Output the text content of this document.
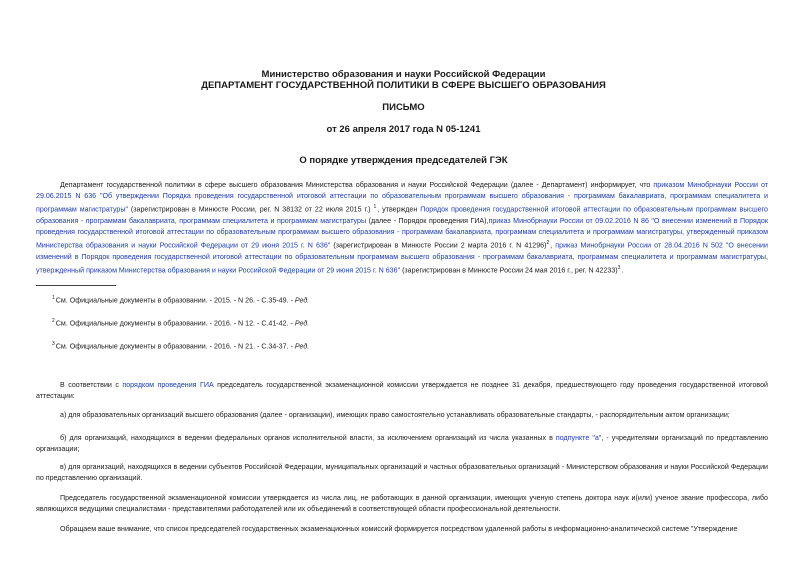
Министерство образования и науки Российской Федерации
ДЕПАРТАМЕНТ ГОСУДАРСТВЕННОЙ ПОЛИТИКИ В СФЕРЕ ВЫСШЕГО ОБРАЗОВАНИЯ
ПИСЬМО
от 26 апреля 2017 года N 05-1241
О порядке утверждения председателей ГЭК

Департамент государственной политики в сфере высшего образования Министерства образования и науки Российской Федерации (далее - Департамент) информирует, что приказом Минобрнауки России от 29.06.2015 N 636 "Об утверждении Порядка проведения государственной итоговой аттестации по образовательным программам высшего образования - программам бакалавриата, программам специалитета и программам магистратуры" (зарегистрирован в Минюсте России, рег. N 38132 от 22 июля 2015 г.) $^1$, утвержден Порядок проведения государственной итоговой аттестации по образовательным программам высшего образования - программам бакалавриата, программам специалитета и программам магистратуры (далее - Порядок проведения ГИА),приказ Минобрнауки России от 09.02.2016 N 86 "О внесении изменений в Порядок проведения государственной итоговой аттестации по образовательным программам высшего образования - программам бакалавриата, программам специалитета и программам магистратуры, утвержденный приказом Министерства образования и науки Российской Федерации от 29 июня 2015 г. N 636" (зарегистрирован в Минюсте России 2 марта 2016 г. N 41296)$^2$, приказ Минобрнауки России от 28.04.2016 N 502 "О внесении изменений в Порядок проведения государственной итоговой аттестации по образовательным программам высшего образования - программам бакалавриата, программам специалитета и программам магистратуры, утвержденный приказом Министерства образования и науки Российской Федерации от 29 июня 2015 г. N 636" (зарегистрирован в Минюсте России 24 мая 2016 г., рег. N 42233)$^3$.

$^1$См. Официальные документы в образовании. - 2015. - N 26. - С.35-49. - Ред.
$^2$См. Официальные документы в образовании. - 2016. - N 12. - С.41-42. - Ред.
$^3$См. Официальные документы в образовании. - 2016. - N 21. - С.34-37. - Ред.

В соответствии с порядком проведения ГИА председатель государственной экзаменационной комиссии утверждается не позднее 31 декабря, предшествующего году проведения государственной итоговой аттестации:

а) для образовательных организаций высшего образования (далее - организации), имеющих право самостоятельно устанавливать образовательные стандарты, - распорядительным актом организации;

б) для организаций, находящихся в ведении федеральных органов исполнительной власти, за исключением организаций из числа указанных в подпункте "а", - учредителями организаций по представлению организации;

в) для организаций, находящихся в ведении субъектов Российской Федерации, муниципальных организаций и частных образовательных организаций - Министерством образования и науки Российской Федерации по представлению организаций.

Председатель государственной экзаменационной комиссии утверждается из числа лиц, не работающих в данной организации, имеющих ученую степень доктора наук и(или) ученое звание профессора, либо являющихся ведущими специалистами - представителями работодателей или их объединений в соответствующей области профессиональной деятельности.

Обращаем ваше внимание, что список председателей государственных экзаменационных комиссий формируется посредством удаленной работы в информационно-аналитической системе "Утверждение
